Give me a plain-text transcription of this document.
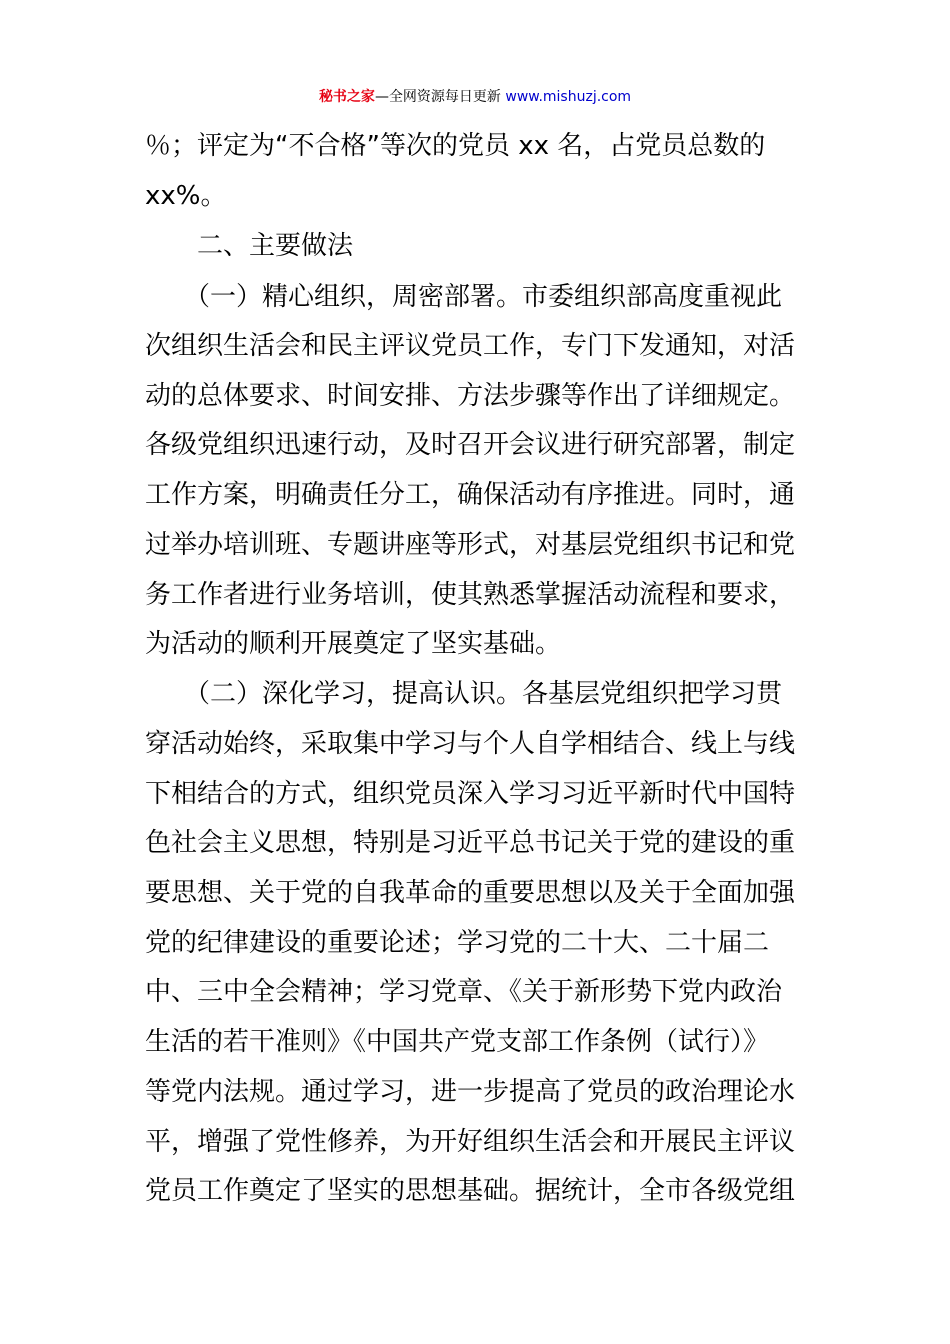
秘书之家—全网资源每日更新 www.mishuzj.com
％；评定为“不合格”等次的党员 xx 名，占党员总数的
xx%。
　　二、主要做法
　　（一）精心组织，周密部署。市委组织部高度重视此
次组织生活会和民主评议党员工作，专门下发通知，对活
动的总体要求、时间安排、方法步骤等作出了详细规定。
各级党组织迅速行动，及时召开会议进行研究部署，制定
工作方案，明确责任分工，确保活动有序推进。同时，通
过举办培训班、专题讲座等形式，对基层党组织书记和党
务工作者进行业务培训，使其熟悉掌握活动流程和要求，
为活动的顺利开展奠定了坚实基础。
　　（二）深化学习，提高认识。各基层党组织把学习贯
穿活动始终，采取集中学习与个人自学相结合、线上与线
下相结合的方式，组织党员深入学习习近平新时代中国特
色社会主义思想，特别是习近平总书记关于党的建设的重
要思想、关于党的自我革命的重要思想以及关于全面加强
党的纪律建设的重要论述；学习党的二十大、二十届二
中、三中全会精神；学习党章、《关于新形势下党内政治
生活的若干准则》《中国共产党支部工作条例（试行）》
等党内法规。通过学习，进一步提高了党员的政治理论水
平，增强了党性修养，为开好组织生活会和开展民主评议
党员工作奠定了坚实的思想基础。据统计，全市各级党组
